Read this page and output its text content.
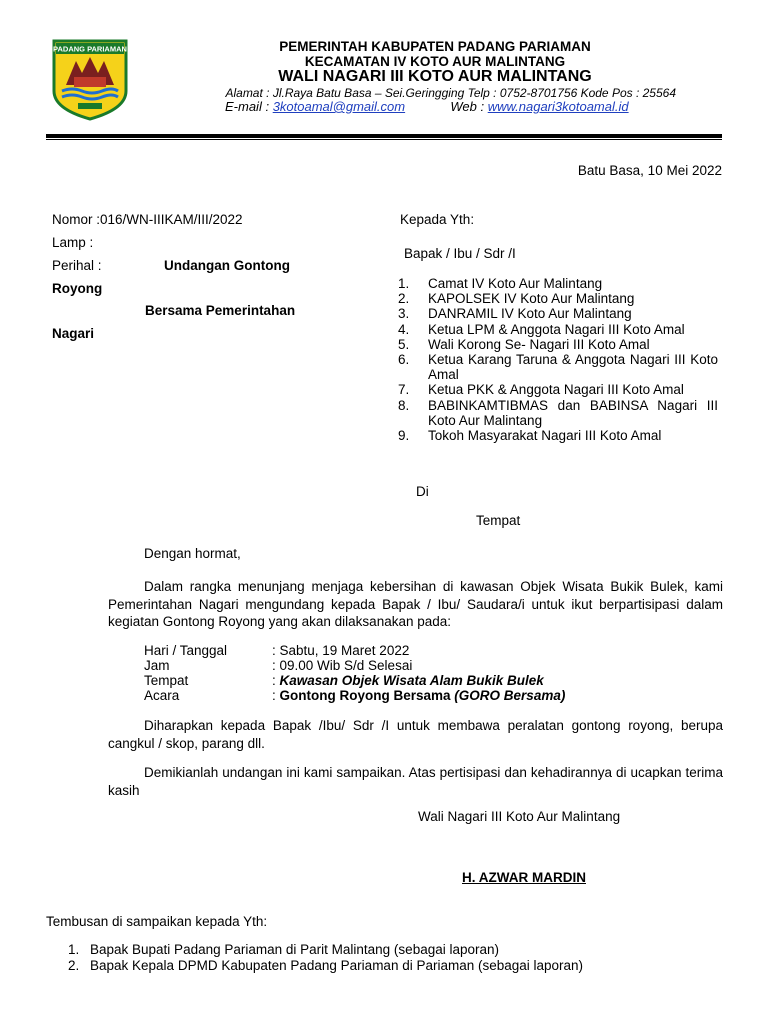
PADANG PARIAMAN	PEMERINTAH KABUPATEN PADANG PARIAMAN
KECAMATAN IV KOTO AUR MALINTANG
WALI NAGARI III KOTO AUR MALINTANG
Alamat : Jl.Raya Batu Basa – Sei.Geringging Telp : 0752-8701756 Kode Pos : 25564
E-mail : 3kotoamal@gmail.com	Web : www.nagari3kotoamal.id
Batu Basa, 10 Mei 2022
Nomor :016/WN-IIIKAM/III/2022
Lamp :
Perihal :	Undangan Gontong
Royong
Bersama Pemerintahan
Nagari
Kepada Yth:
Bapak / Ibu / Sdr /I
1. Camat IV Koto Aur Malintang
2. KAPOLSEK IV Koto Aur Malintang
3. DANRAMIL IV Koto Aur Malintang
4. Ketua LPM & Anggota Nagari III Koto Amal
5. Wali Korong Se- Nagari III Koto Amal
6. Ketua Karang Taruna & Anggota Nagari III Koto Amal
7. Ketua PKK & Anggota Nagari III Koto Amal
8. BABINKAMTIBMAS dan BABINSA Nagari III Koto Aur Malintang
9. Tokoh Masyarakat Nagari III Koto Amal
Di
Tempat
Dengan hormat,
Dalam rangka menunjang menjaga kebersihan di kawasan Objek Wisata Bukik Bulek, kami Pemerintahan Nagari mengundang kepada Bapak / Ibu/ Saudara/i untuk ikut berpartisipasi dalam kegiatan Gontong Royong yang akan dilaksanakan pada:
Hari / Tanggal	: Sabtu, 19 Maret 2022
Jam	: 09.00 Wib S/d Selesai
Tempat	: Kawasan Objek Wisata Alam Bukik Bulek
Acara	: Gontong Royong Bersama (GORO Bersama)
Diharapkan kepada Bapak /Ibu/ Sdr /I untuk membawa peralatan gontong royong, berupa cangkul / skop, parang dll.
Demikianlah undangan ini kami sampaikan. Atas pertisipasi dan kehadirannya di ucapkan terima kasih
Wali Nagari III Koto Aur Malintang
H. AZWAR MARDIN
Tembusan di sampaikan kepada Yth:
1. Bapak Bupati Padang Pariaman di Parit Malintang (sebagai laporan)
2. Bapak Kepala DPMD Kabupaten Padang Pariaman di Pariaman (sebagai laporan)
